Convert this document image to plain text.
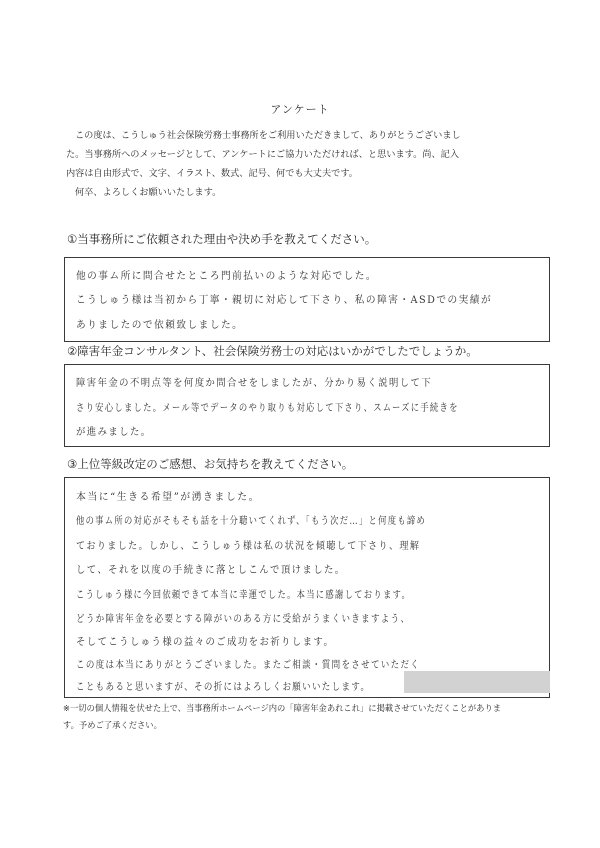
アンケート

この度は、こうしゅう社会保険労務士事務所をご利用いただきまして、ありがとうございまし

た。当事務所へのメッセージとして、アンケートにご協力いただければ、と思います。尚、記入

内容は自由形式で、文字、イラスト、数式、記号、何でも大丈夫です。

何卒、よろしくお願いいたします。

①当事務所にご依頼された理由や決め手を教えてください。
他の事ム所に問合せたところ門前払いのような対応でした。
こうしゅう様は当初から丁寧・親切に対応して下さり、私の障害・ASDでの実績が
ありましたので依頼致しました。
②障害年金コンサルタント、社会保険労務士の対応はいかがでしたでしょうか。
障害年金の不明点等を何度か問合せをしましたが、分かり易く説明して下
さり安心しました。メール等でデータのやり取りも対応して下さり、スムーズに手続きを
が進みました。
③上位等級改定のご感想、お気持ちを教えてください。
本当に“生きる希望”が湧きました。
他の事ム所の対応がそもそも話を十分聴いてくれず、「もう次だ…」と何度も諦め
ておりました。しかし、こうしゅう様は私の状況を傾聴して下さり、理解
して、それを以度の手続きに落としこんで頂けました。
こうしゅう様に今回依頼できて本当に幸運でした。本当に感謝しております。
どうか障害年金を必要とする障がいのある方に受給がうまくいきますよう、
そしてこうしゅう様の益々のご成功をお祈りします。
この度は本当にありがとうございました。またご相談・質問をさせていただく
こともあると思いますが、その折にはよろしくお願いいたします。

※一切の個人情報を伏せた上で、当事務所ホームページ内の「障害年金あれこれ」に掲載させていただくことがありま

す。予めご了承ください。
